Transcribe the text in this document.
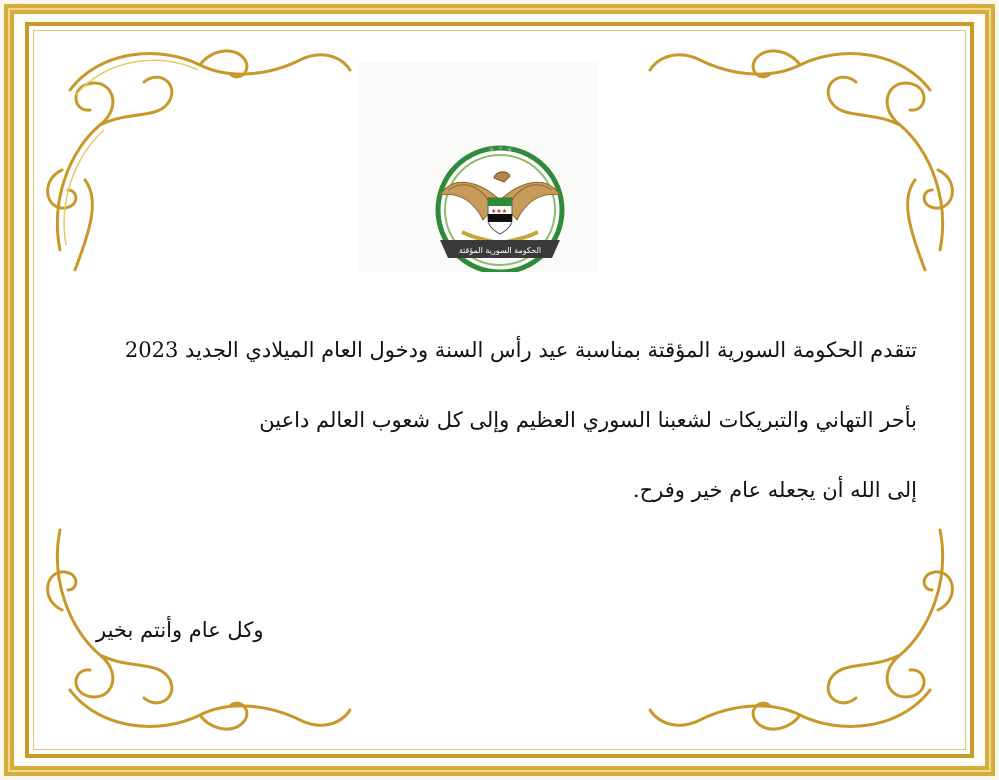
★ ★ ★
★★★
الحكومة السورية المؤقتة
تتقدم الحكومة السورية المؤقتة بمناسبة عيد رأس السنة ودخول العام الميلادي الجديد 2023
بأحر التهاني والتبريكات لشعبنا السوري العظيم وإلى كل شعوب العالم داعين
إلى الله أن يجعله عام خير وفرح.
وكل عام وأنتم بخير
